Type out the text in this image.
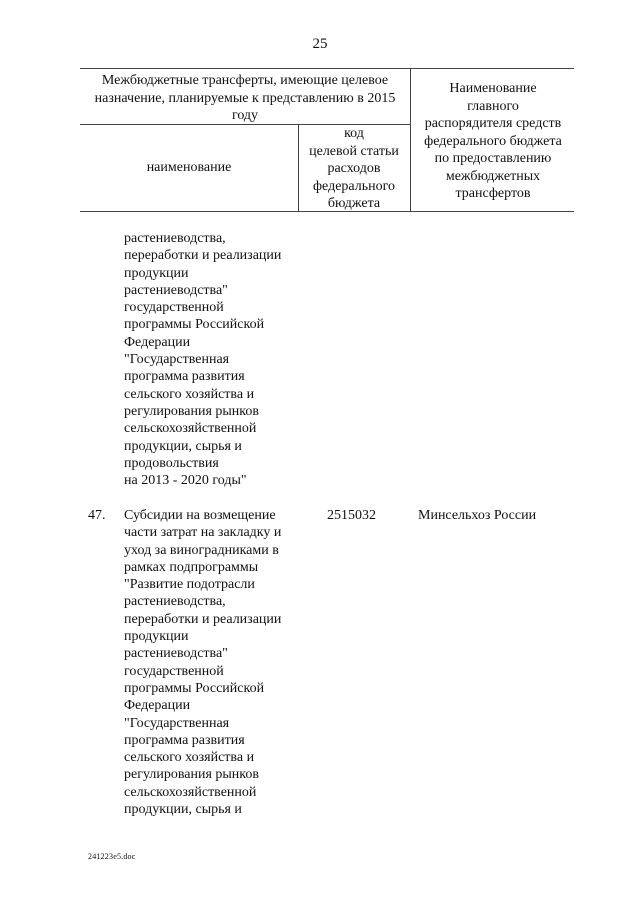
25
Межбюджетные трансферты, имеющие целевое назначение, планируемые к представлению в 2015 году
наименование
код
целевой статьи
расходов
федерального
бюджета
Наименование
главного
распорядителя средств
федерального бюджета
по предоставлению
межбюджетных
трансфертов
растениеводства,
переработки и реализации
продукции
растениеводства"
государственной
программы Российской
Федерации
"Государственная
программа развития
сельского хозяйства и
регулирования рынков
сельскохозяйственной
продукции, сырья и
продовольствия
на 2013 - 2020 годы"
47. Субсидии на возмещение
части затрат на закладку и
уход за виноградниками в
рамках подпрограммы
"Развитие подотрасли
растениеводства,
переработки и реализации
продукции
растениеводства"
государственной
программы Российской
Федерации
"Государственная
программа развития
сельского хозяйства и
регулирования рынков
сельскохозяйственной
продукции, сырья и
2515032	Минсельхоз России
241223e5.doc
